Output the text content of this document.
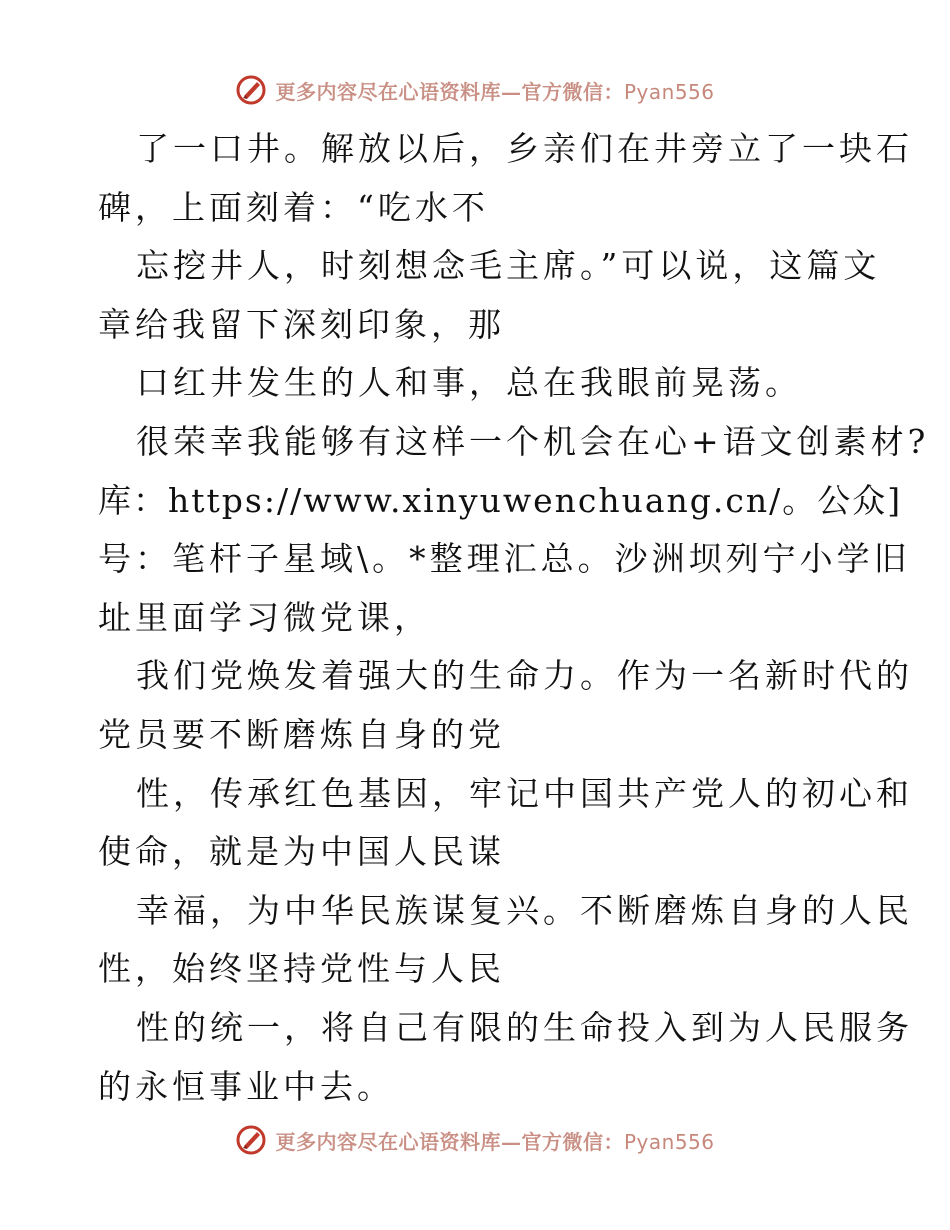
更多内容尽在心语资料库—官方微信：Pyan556
了一口井。解放以后，乡亲们在井旁立了一块石
碑，上面刻着：“吃水不
忘挖井人，时刻想念毛主席。”可以说，这篇文
章给我留下深刻印象，那
口红井发生的人和事，总在我眼前晃荡。
很荣幸我能够有这样一个机会在心+语文创素材?
库：https://www.xinyuwenchuang.cn/。公众]
号：笔杆子星域\。*整理汇总。沙洲坝列宁小学旧
址里面学习微党课，
我们党焕发着强大的生命力。作为一名新时代的
党员要不断磨炼自身的党
性，传承红色基因，牢记中国共产党人的初心和
使命，就是为中国人民谋
幸福，为中华民族谋复兴。不断磨炼自身的人民
性，始终坚持党性与人民
性的统一，将自己有限的生命投入到为人民服务
的永恒事业中去。
更多内容尽在心语资料库—官方微信：Pyan556
